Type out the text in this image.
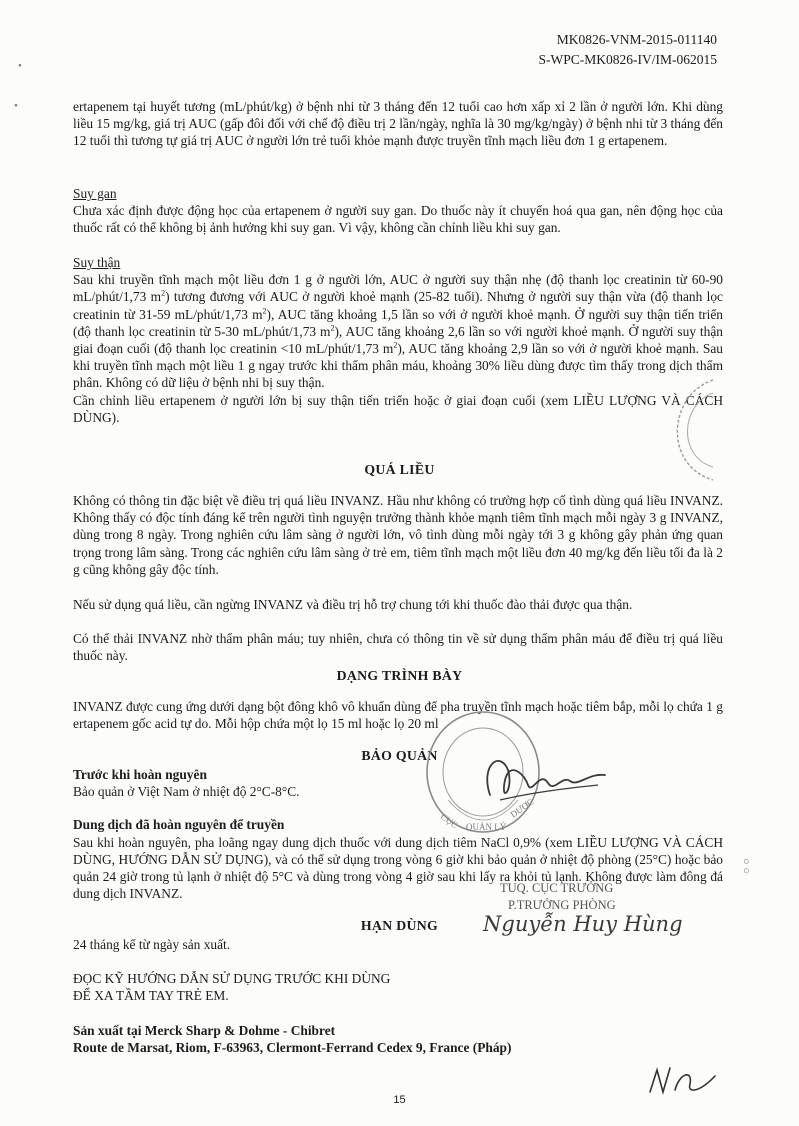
•
•
MK0826-VNM-2015-011140
S-WPC-MK0826-IV/IM-062015
ertapenem tại huyết tương (mL/phút/kg) ở bệnh nhi từ 3 tháng đến 12 tuổi cao hơn xấp xỉ 2 lần ở người lớn. Khi dùng liều 15 mg/kg, giá trị AUC (gấp đôi đối với chế độ điều trị 2 lần/ngày, nghĩa là 30 mg/kg/ngày) ở bệnh nhi từ 3 tháng đến 12 tuổi thì tương tự giá trị AUC ở người lớn trẻ tuổi khỏe mạnh được truyền tĩnh mạch liều đơn 1 g ertapenem.
Suy gan
Chưa xác định được động học của ertapenem ở người suy gan. Do thuốc này ít chuyển hoá qua gan, nên động học của thuốc rất có thể không bị ảnh hưởng khi suy gan. Vì vậy, không cần chỉnh liều khi suy gan.
Suy thận
Sau khi truyền tĩnh mạch một liều đơn 1 g ở người lớn, AUC ở người suy thận nhẹ (độ thanh lọc creatinin từ 60-90 mL/phút/1,73 $m^2$) tương đương với AUC ở người khoẻ mạnh (25-82 tuổi). Nhưng ở người suy thận vừa (độ thanh lọc creatinin từ 31-59 mL/phút/1,73 $m^2$), AUC tăng khoảng 1,5 lần so với ở người khoẻ mạnh. Ở người suy thận tiến triển (độ thanh lọc creatinin từ 5-30 mL/phút/1,73 $m^2$), AUC tăng khoảng 2,6 lần so với người khoẻ mạnh. Ở người suy thận giai đoạn cuối (độ thanh lọc creatinin <10 mL/phút/1,73 $m^2$), AUC tăng khoảng 2,9 lần so với ở người khoẻ mạnh. Sau khi truyền tĩnh mạch một liều 1 g ngay trước khi thẩm phân máu, khoảng 30% liều dùng được tìm thấy trong dịch thẩm phân. Không có dữ liệu ở bệnh nhi bị suy thận.
Cần chỉnh liều ertapenem ở người lớn bị suy thận tiến triển hoặc ở giai đoạn cuối (xem LIỀU LƯỢNG VÀ CÁCH DÙNG).
QUÁ LIỀU
Không có thông tin đặc biệt về điều trị quá liều INVANZ. Hầu như không có trường hợp cố tình dùng quá liều INVANZ. Không thấy có độc tính đáng kể trên người tình nguyện trưởng thành khỏe mạnh tiêm tĩnh mạch mỗi ngày 3 g INVANZ, dùng trong 8 ngày. Trong nghiên cứu lâm sàng ở người lớn, vô tình dùng mỗi ngày tới 3 g không gây phản ứng quan trọng trong lâm sàng. Trong các nghiên cứu lâm sàng ở trẻ em, tiêm tĩnh mạch một liều đơn 40 mg/kg đến liều tối đa là 2 g cũng không gây độc tính.
Nếu sử dụng quá liều, cần ngừng INVANZ và điều trị hỗ trợ chung tới khi thuốc đào thải được qua thận.
Có thể thải INVANZ nhờ thẩm phân máu; tuy nhiên, chưa có thông tin về sử dụng thẩm phân máu để điều trị quá liều thuốc này.
DẠNG TRÌNH BÀY
INVANZ được cung ứng dưới dạng bột đông khô vô khuẩn dùng để pha truyền tĩnh mạch hoặc tiêm bắp, mỗi lọ chứa 1 g ertapenem gốc acid tự do. Mỗi hộp chứa một lọ 15 ml hoặc lọ 20 ml
BẢO QUẢN
Trước khi hoàn nguyên
Bảo quản ở Việt Nam ở nhiệt độ 2°C-8°C.
Dung dịch đã hoàn nguyên để truyền
Sau khi hoàn nguyên, pha loãng ngay dung dịch thuốc với dung dịch tiêm NaCl 0,9% (xem LIỀU LƯỢNG VÀ CÁCH DÙNG, HƯỚNG DẪN SỬ DỤNG), và có thể sử dụng trong vòng 6 giờ khi bảo quản ở nhiệt độ phòng (25°C) hoặc bảo quản 24 giờ trong tủ lạnh ở nhiệt độ 5°C và dùng trong vòng 4 giờ sau khi lấy ra khỏi tủ lạnh. Không được làm đông đá dung dịch INVANZ.
HẠN DÙNG
24 tháng kể từ ngày sản xuất.
ĐỌC KỸ HƯỚNG DẪN SỬ DỤNG TRƯỚC KHI DÙNG
ĐỂ XA TẦM TAY TRẺ EM.
Sản xuất tại Merck Sharp & Dohme - Chibret
Route de Marsat, Riom, F-63963, Clermont-Ferrand Cedex 9, France (Pháp)
CỤC QUẢN LÝ
DƯỢC
TUQ. CỤC TRƯỞNG
P.TRƯỞNG PHÒNG
Nguyễn Huy Hùng
○ ○
15
